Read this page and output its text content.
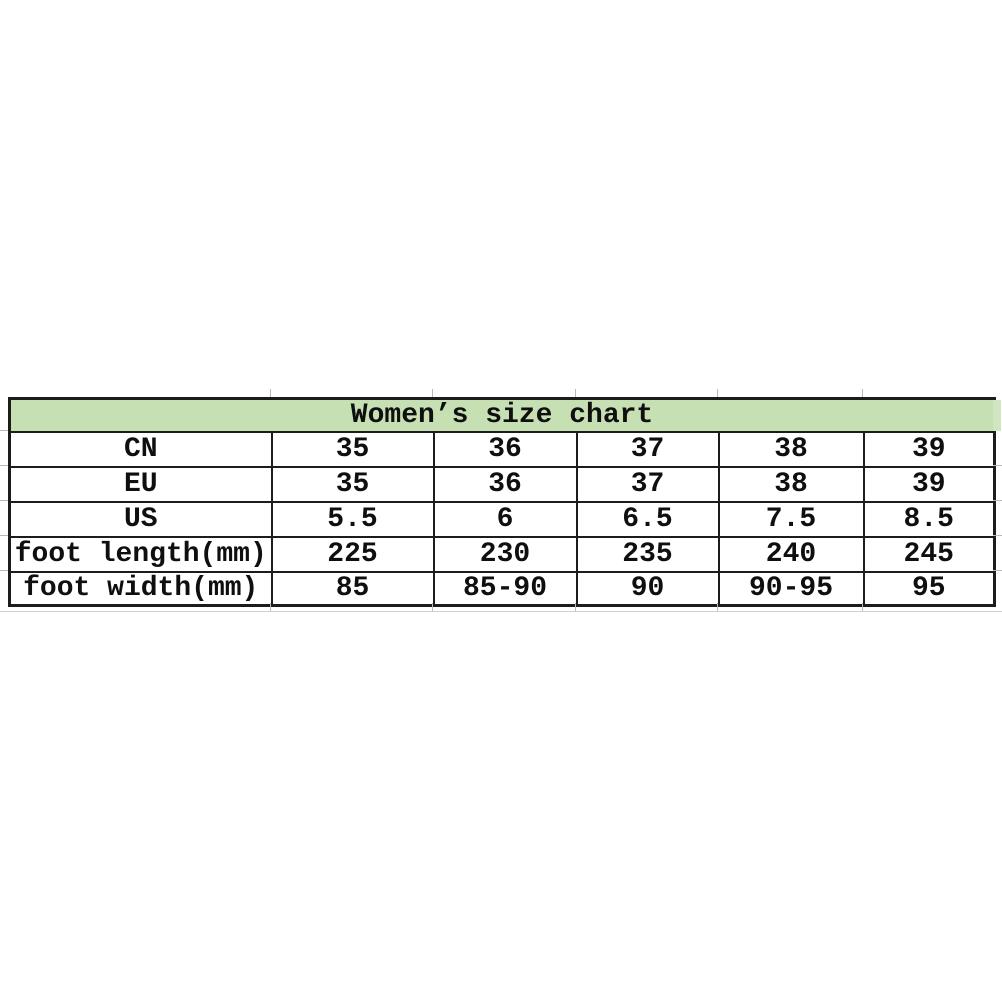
Women’s size chart					
CN	35	36	37	38	39
EU	35	36	37	38	39
US	5.5	6	6.5	7.5	8.5
foot length(mm)	225	230	235	240	245
foot width(mm)	85	85-90	90	90-95	95
